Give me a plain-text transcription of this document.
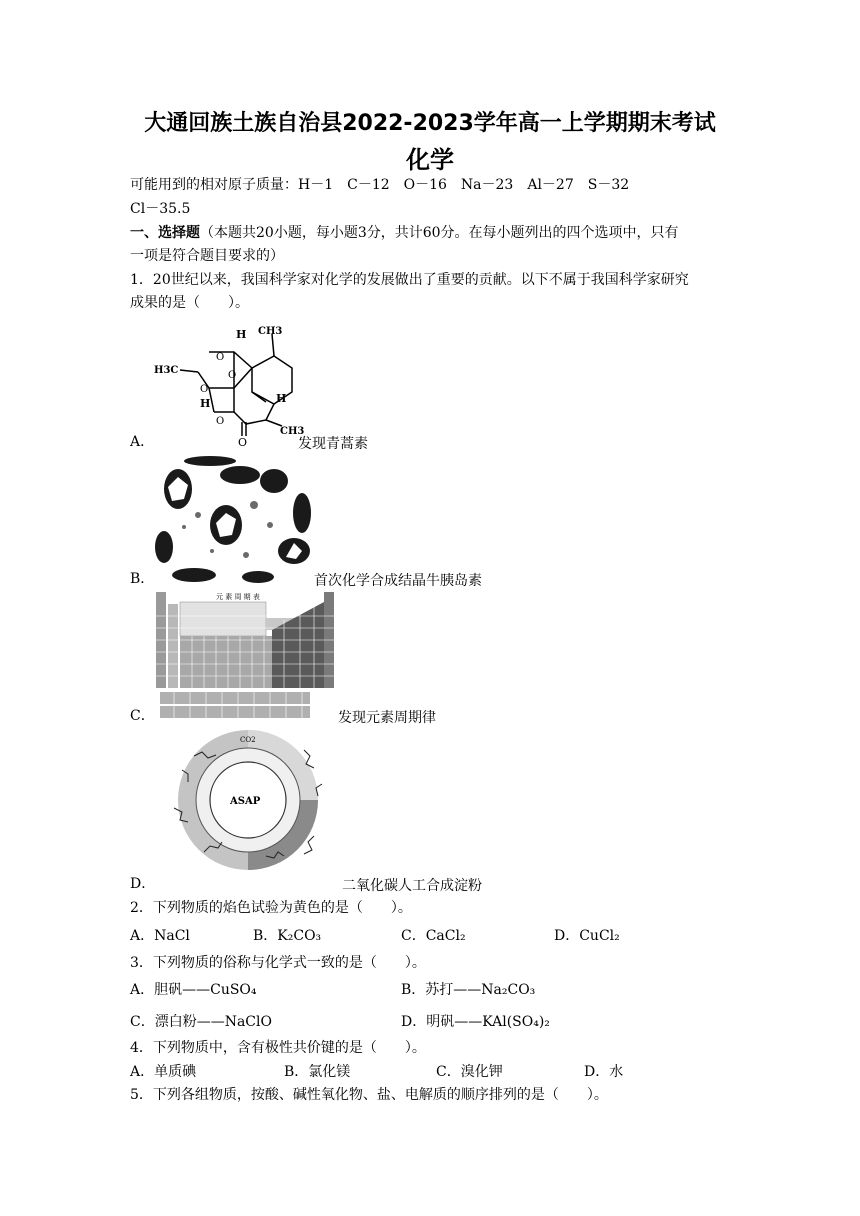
大通回族土族自治县2022-2023学年高一上学期期末考试
化学
可能用到的相对原子质量：H－1　C－12　O－16　Na－23　Al－27　S－32
Cl－35.5
一、选择题（本题共20小题，每小题3分，共计60分。在每小题列出的四个选项中，只有
一项是符合题目要求的）
1．20世纪以来，我国科学家对化学的发展做出了重要的贡献。以下不属于我国科学家研究
成果的是（　　）。
CH3
H3C
H
H	H
O
O
O
O
O
CH3
A．	发现青蒿素
B．	首次化学合成结晶牛胰岛素
元 素 周 期 表
C．	发现元素周期律
ASAP
CO2
D．	二氧化碳人工合成淀粉
2．下列物质的焰色试验为黄色的是（　　）。
A．NaCl	B．K₂CO₃	C．CaCl₂	D．CuCl₂
3．下列物质的俗称与化学式一致的是（　　）。
A．胆矾——CuSO₄	B．苏打——Na₂CO₃
C．漂白粉——NaClO	D．明矾——KAl(SO₄)₂
4．下列物质中，含有极性共价键的是（　　）。
A．单质碘	B．氯化镁	C．溴化钾	D．水
5．下列各组物质，按酸、碱性氧化物、盐、电解质的顺序排列的是（　　）。
